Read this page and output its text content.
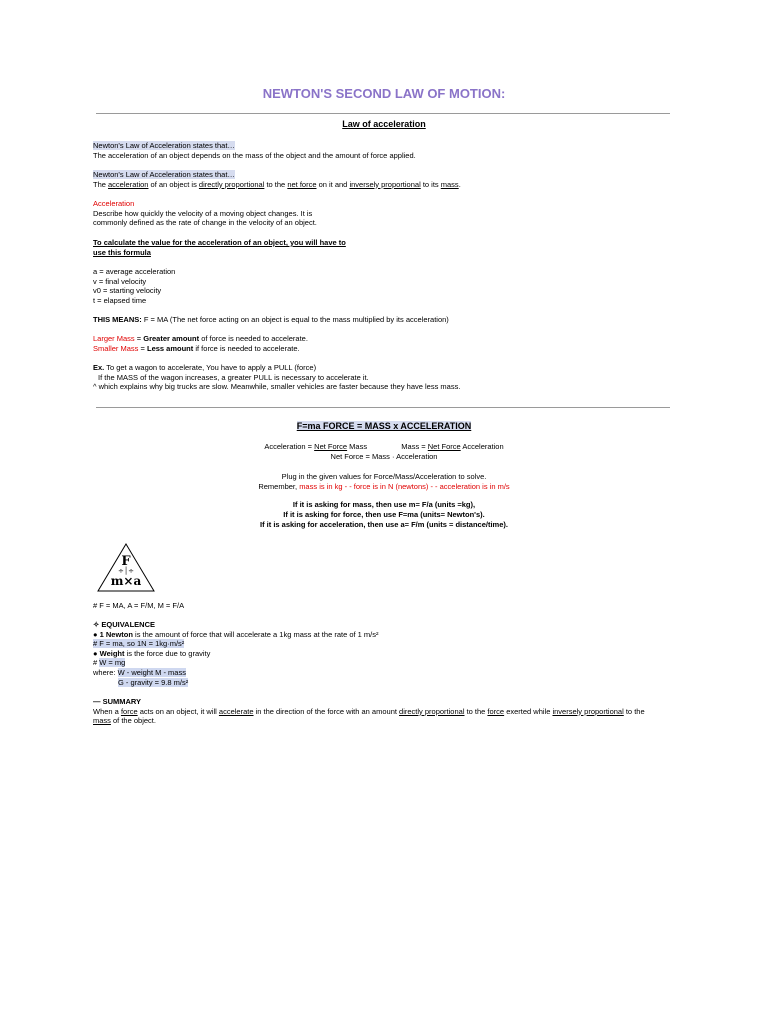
NEWTON'S SECOND LAW OF MOTION:
Law of acceleration
Newton's Law of Acceleration states that…
The acceleration of an object depends on the mass of the object and the amount of force applied.
Newton's Law of Acceleration states that…
The acceleration of an object is directly proportional to the net force on it and inversely proportional to its mass.
Acceleration
Describe how quickly the velocity of a moving object changes. It is
commonly defined as the rate of change in the velocity of an object.
To calculate the value for the acceleration of an object, you will have to
use this formula
a = average acceleration
v = final velocity
v0 = starting velocity
t = elapsed time
THIS MEANS: F = MA (The net force acting on an object is equal to the mass multiplied by its acceleration)
Larger Mass = Greater amount of force is needed to accelerate.
Smaller Mass = Less amount if force is needed to accelerate.
Ex. To get a wagon to accelerate, You have to apply a PULL (force)
If the MASS of the wagon increases, a greater PULL is necessary to accelerate it.
^ which explains why big trucks are slow. Meanwhile, smaller vehicles are faster because they have less mass.
F=ma FORCE = MASS x ACCELERATION
Acceleration = Net Force Mass	Mass = Net Force Acceleration
Net Force = Mass · Acceleration
Plug in the given values for Force/Mass/Acceleration to solve.
Remember, mass is in kg - - force is in N (newtons) - - acceleration is in m/s
If it is asking for mass, then use m= F/a (units =kg),
If it is asking for force, then use F=ma (units= Newton's).
If it is asking for acceleration, then use a= F/m (units = distance/time).
F
÷│÷
m×a
# F = MA, A = F/M, M = F/A
✧ EQUIVALENCE
● 1 Newton is the amount of force that will accelerate a 1kg mass at the rate of 1 m/s²
# F = ma, so 1N = 1kg·m/s²
● Weight is the force due to gravity
# W = mg
where: W - weight M - mass
G - gravity = 9.8 m/s²
— SUMMARY
When a force acts on an object, it will accelerate in the direction of the force with an amount directly proportional to the force exerted while inversely proportional to the
mass of the object.
